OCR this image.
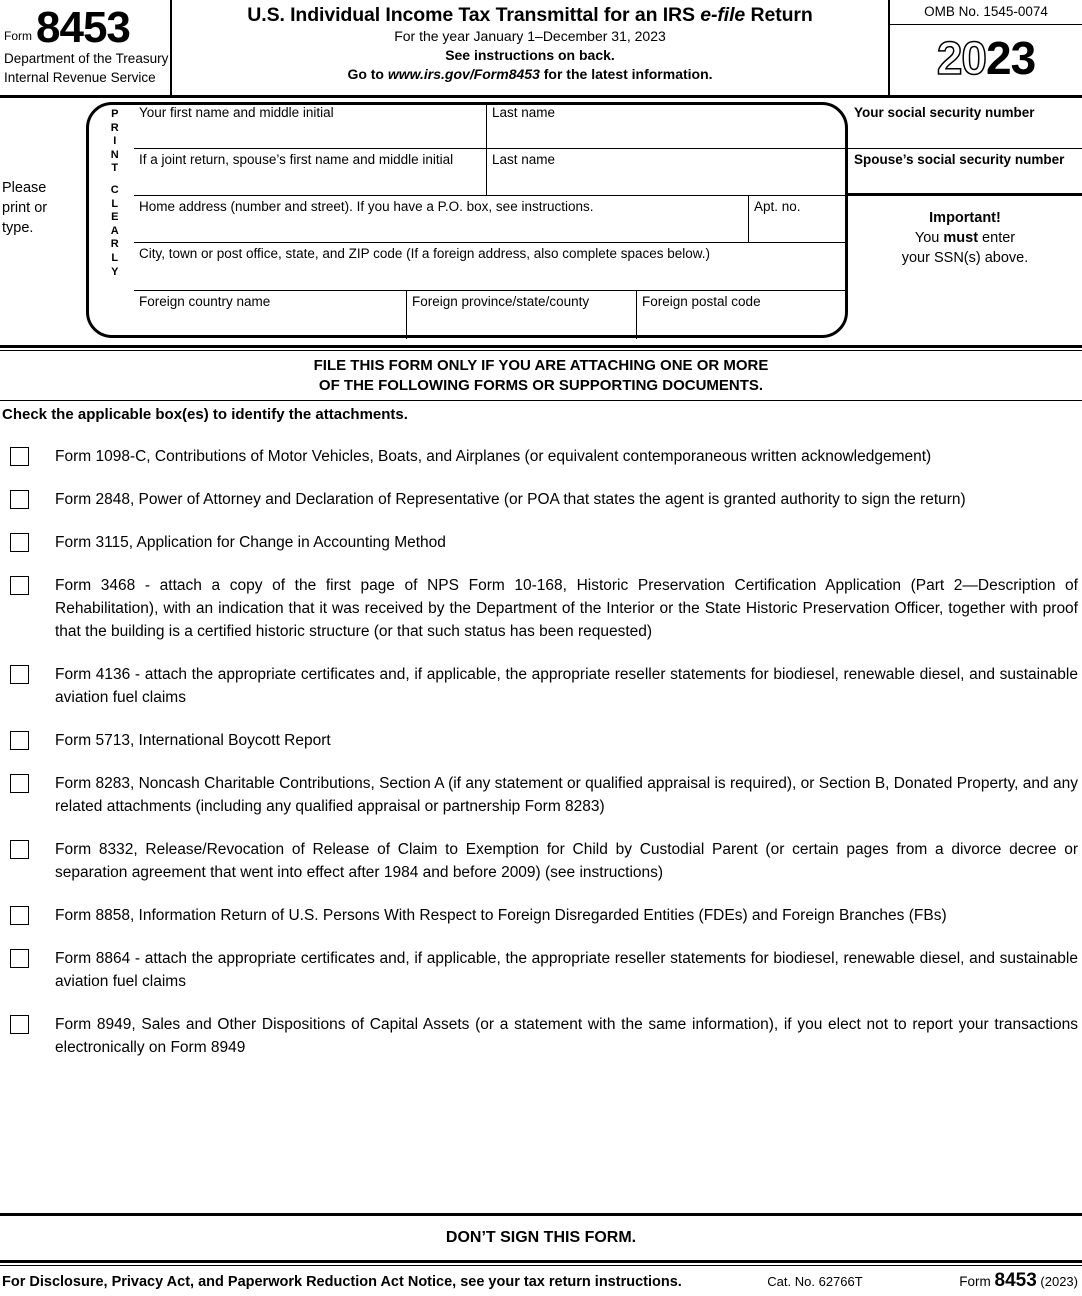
Form 8453
Department of the Treasury
Internal Revenue Service
U.S. Individual Income Tax Transmittal for an IRS e-file Return
For the year January 1–December 31, 2023
See instructions on back.
Go to www.irs.gov/Form8453 for the latest information.
OMB No. 1545-0074
20 23
Please
print or
type.
P
R
I
N
T
C
L
E
A
R
L
Y
Your first name and middle initial	Last name
If a joint return, spouse’s first name and middle initial	Last name
Home address (number and street). If you have a P.O. box, see instructions.	Apt. no.
City, town or post office, state, and ZIP code (If a foreign address, also complete spaces below.)
Foreign country name	Foreign province/state/county	Foreign postal code
Your social security number
Spouse’s social security number
Important!
You must enter
your SSN(s) above.
FILE THIS FORM ONLY IF YOU ARE ATTACHING ONE OR MORE
OF THE FOLLOWING FORMS OR SUPPORTING DOCUMENTS.
Check the applicable box(es) to identify the attachments.
Form 1098-C, Contributions of Motor Vehicles, Boats, and Airplanes (or equivalent contemporaneous written acknowledgement)
Form 2848, Power of Attorney and Declaration of Representative (or POA that states the agent is granted authority to sign the return)
Form 3115, Application for Change in Accounting Method
Form 3468 - attach a copy of the first page of NPS Form 10-168, Historic Preservation Certification Application (Part 2—Description of Rehabilitation), with an indication that it was received by the Department of the Interior or the State Historic Preservation Officer, together with proof that the building is a certified historic structure (or that such status has been requested)
Form 4136 - attach the appropriate certificates and, if applicable, the appropriate reseller statements for biodiesel, renewable diesel, and sustainable aviation fuel claims
Form 5713, International Boycott Report
Form 8283, Noncash Charitable Contributions, Section A (if any statement or qualified appraisal is required), or Section B, Donated Property, and any related attachments (including any qualified appraisal or partnership Form 8283)
Form 8332, Release/Revocation of Release of Claim to Exemption for Child by Custodial Parent (or certain pages from a divorce decree or separation agreement that went into effect after 1984 and before 2009) (see instructions)
Form 8858, Information Return of U.S. Persons With Respect to Foreign Disregarded Entities (FDEs) and Foreign Branches (FBs)
Form 8864 - attach the appropriate certificates and, if applicable, the appropriate reseller statements for biodiesel, renewable diesel, and sustainable aviation fuel claims
Form 8949, Sales and Other Dispositions of Capital Assets (or a statement with the same information), if you elect not to report your transactions electronically on Form 8949
DON’T SIGN THIS FORM.
For Disclosure, Privacy Act, and Paperwork Reduction Act Notice, see your tax return instructions.	Cat. No. 62766T	Form 8453 (2023)
